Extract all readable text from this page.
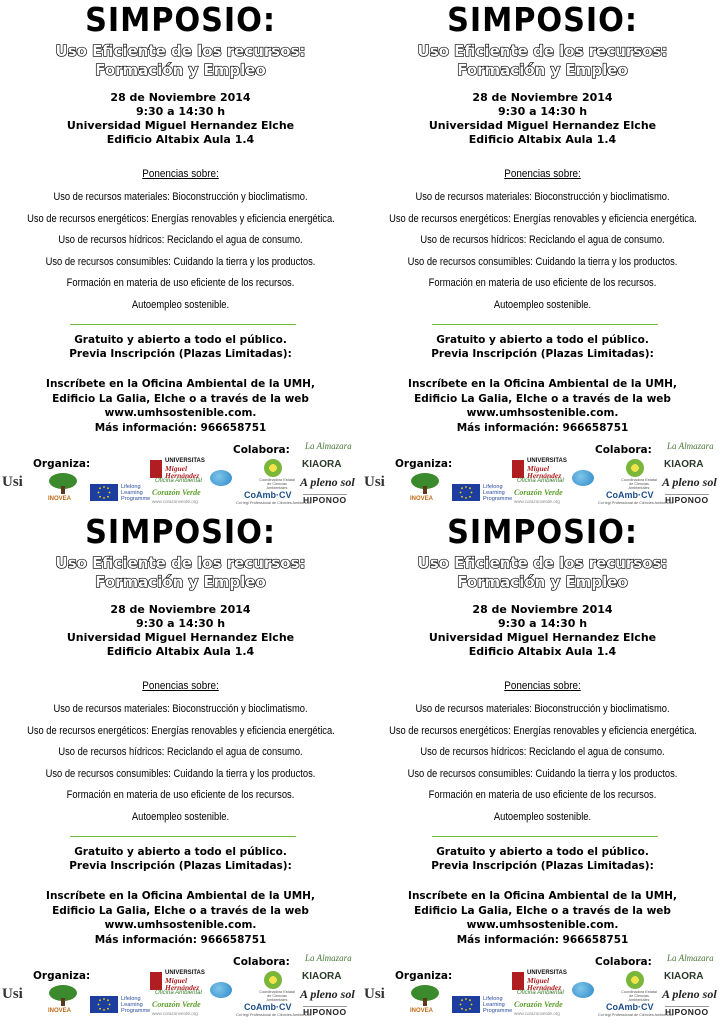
SIMPOSIO:
Uso Eficiente de los recursos:
Formación y Empleo
28 de Noviembre 2014
9:30 a 14:30 h
Universidad Miguel Hernandez Elche
Edificio Altabix Aula 1.4
Ponencias sobre:
Uso de recursos materiales: Bioconstrucción y bioclimatismo.
Uso de recursos energéticos: Energías renovables y eficiencia energética.
Uso de recursos hídricos: Reciclando el agua de consumo.
Uso de recursos consumibles: Cuidando la tierra y los productos.
Formación en materia de uso eficiente de los recursos.
Autoempleo sostenible.
Gratuito y abierto a todo el público.
Previa Inscripción (Plazas Limitadas):
Inscríbete en la Oficina Ambiental de la UMH,
Edificio La Galia, Elche o a través de la web
www.umhsostenible.com.
Más información: 966658751
Organiza:
Colabora:
Usi
INOVEA
Lifelong Learning Programme
UNIVERSITAS
Miguel Hernández
Oficina Ambiental
Corazón Verde
www.corazonverde.org
Coordinadora Estatal de Ciencias Ambientales
CoAmb·CV
Col·legi Professional de Ciències Ambientals
La Almazara
KIAORA
A pleno sol
HIPONOO
SIMPOSIO:
Uso Eficiente de los recursos:
Formación y Empleo
28 de Noviembre 2014
9:30 a 14:30 h
Universidad Miguel Hernandez Elche
Edificio Altabix Aula 1.4
Ponencias sobre:
Uso de recursos materiales: Bioconstrucción y bioclimatismo.
Uso de recursos energéticos: Energías renovables y eficiencia energética.
Uso de recursos hídricos: Reciclando el agua de consumo.
Uso de recursos consumibles: Cuidando la tierra y los productos.
Formación en materia de uso eficiente de los recursos.
Autoempleo sostenible.
Gratuito y abierto a todo el público.
Previa Inscripción (Plazas Limitadas):
Inscríbete en la Oficina Ambiental de la UMH,
Edificio La Galia, Elche o a través de la web
www.umhsostenible.com.
Más información: 966658751
Organiza:
Colabora:
Usi
INOVEA
Lifelong Learning Programme
UNIVERSITAS
Miguel Hernández
Oficina Ambiental
Corazón Verde
www.corazonverde.org
Coordinadora Estatal de Ciencias Ambientales
CoAmb·CV
Col·legi Professional de Ciències Ambientals
La Almazara
KIAORA
A pleno sol
HIPONOO
SIMPOSIO:
Uso Eficiente de los recursos:
Formación y Empleo
28 de Noviembre 2014
9:30 a 14:30 h
Universidad Miguel Hernandez Elche
Edificio Altabix Aula 1.4
Ponencias sobre:
Uso de recursos materiales: Bioconstrucción y bioclimatismo.
Uso de recursos energéticos: Energías renovables y eficiencia energética.
Uso de recursos hídricos: Reciclando el agua de consumo.
Uso de recursos consumibles: Cuidando la tierra y los productos.
Formación en materia de uso eficiente de los recursos.
Autoempleo sostenible.
Gratuito y abierto a todo el público.
Previa Inscripción (Plazas Limitadas):
Inscríbete en la Oficina Ambiental de la UMH,
Edificio La Galia, Elche o a través de la web
www.umhsostenible.com.
Más información: 966658751
Organiza:
Colabora:
Usi
INOVEA
Lifelong Learning Programme
UNIVERSITAS
Miguel Hernández
Oficina Ambiental
Corazón Verde
www.corazonverde.org
Coordinadora Estatal de Ciencias Ambientales
CoAmb·CV
Col·legi Professional de Ciències Ambientals
La Almazara
KIAORA
A pleno sol
HIPONOO
SIMPOSIO:
Uso Eficiente de los recursos:
Formación y Empleo
28 de Noviembre 2014
9:30 a 14:30 h
Universidad Miguel Hernandez Elche
Edificio Altabix Aula 1.4
Ponencias sobre:
Uso de recursos materiales: Bioconstrucción y bioclimatismo.
Uso de recursos energéticos: Energías renovables y eficiencia energética.
Uso de recursos hídricos: Reciclando el agua de consumo.
Uso de recursos consumibles: Cuidando la tierra y los productos.
Formación en materia de uso eficiente de los recursos.
Autoempleo sostenible.
Gratuito y abierto a todo el público.
Previa Inscripción (Plazas Limitadas):
Inscríbete en la Oficina Ambiental de la UMH,
Edificio La Galia, Elche o a través de la web
www.umhsostenible.com.
Más información: 966658751
Organiza:
Colabora:
Usi
INOVEA
Lifelong Learning Programme
UNIVERSITAS
Miguel Hernández
Oficina Ambiental
Corazón Verde
www.corazonverde.org
Coordinadora Estatal de Ciencias Ambientales
CoAmb·CV
Col·legi Professional de Ciències Ambientals
La Almazara
KIAORA
A pleno sol
HIPONOO
